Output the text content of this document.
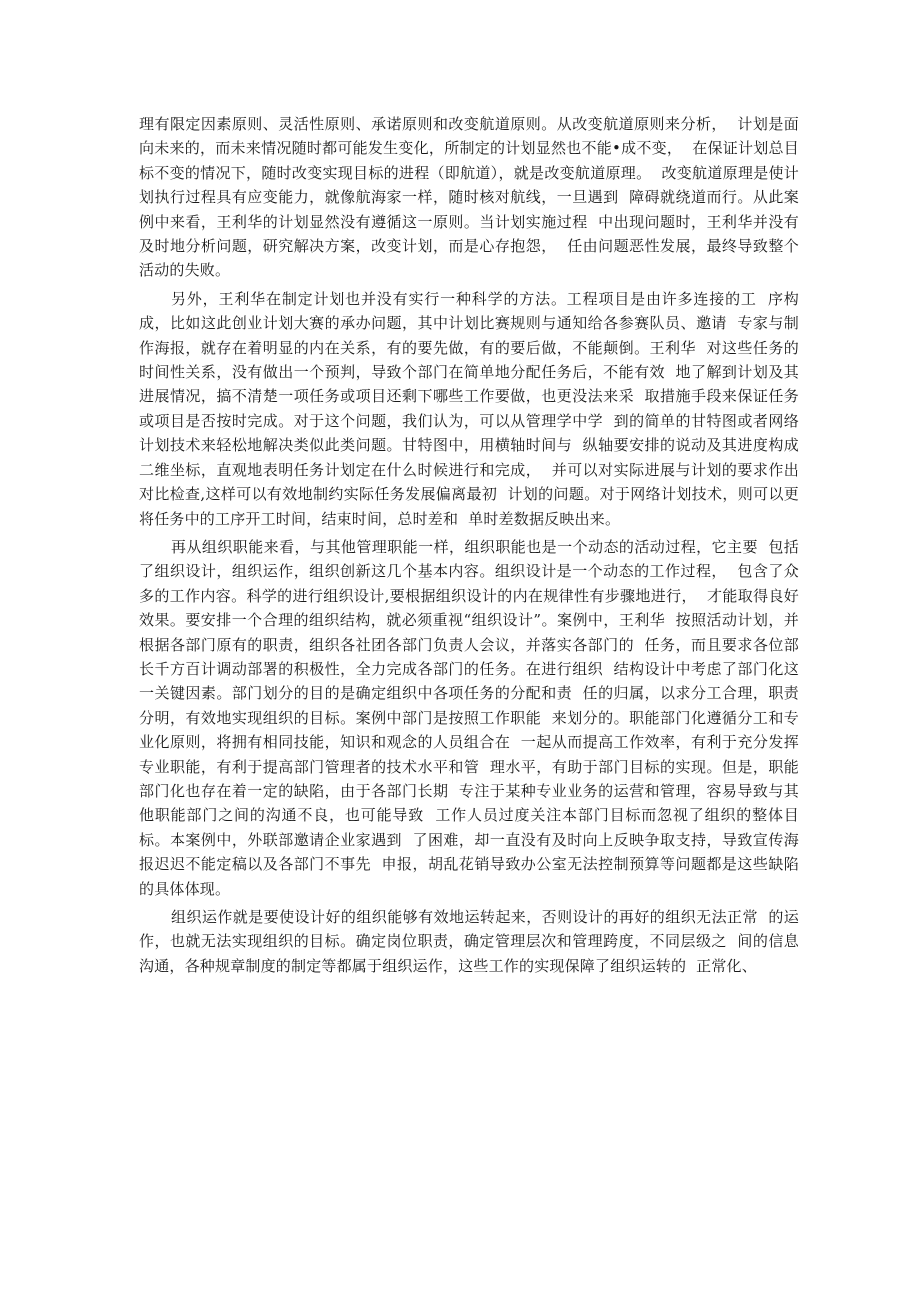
理有限定因素原则、灵活性原则、承诺原则和改变航道原则。从改变航道原则来分析，  计划是面向未来的，而未来情况随时都可能发生变化，所制定的计划显然也不能•成不变，  在保证计划总目标不变的情况下，随时改变实现目标的进程（即航道），就是改变航道原理。  改变航道原理是使计划执行过程具有应变能力，就像航海家一样，随时核对航线，一旦遇到  障碍就绕道而行。从此案例中来看，王利华的计划显然没有遵循这一原则。当计划实施过程  中出现问题时，王利华并没有及时地分析问题，研究解决方案，改变计划，而是心存抱怨，  任由问题恶性发展，最终导致整个活动的失败。

另外，王利华在制定计划也并没有实行一种科学的方法。工程项目是由许多连接的工  序构成，比如这此创业计划大赛的承办问题，其中计划比赛规则与通知给各参赛队员、邀请  专家与制作海报，就存在着明显的内在关系，有的要先做，有的要后做，不能颠倒。王利华  对这些任务的时间性关系，没有做出一个预判，导致个部门在简单地分配任务后，不能有效  地了解到计划及其进展情况，搞不清楚一项任务或项目还剩下哪些工作要做，也更没法来采  取措施手段来保证任务或项目是否按时完成。对于这个问题，我们认为，可以从管理学中学  到的简单的甘特图或者网络计划技术来轻松地解决类似此类问题。甘特图中，用横轴时间与  纵轴要安排的说动及其进度构成二维坐标，直观地表明任务计划定在什么时候进行和完成，  并可以对实际进展与计划的要求作出对比检查,这样可以有效地制约实际任务发展偏离最初  计划的问题。对于网络计划技术，则可以更将任务中的工序开工时间，结束时间，总时差和  单时差数据反映出来。

再从组织职能来看，与其他管理职能一样，组织职能也是一个动态的活动过程，它主要  包括了组织设计，组织运作，组织创新这几个基本内容。组织设计是一个动态的工作过程，  包含了众多的工作内容。科学的进行组织设计,要根据组织设计的内在规律性有步骤地进行，  才能取得良好效果。要安排一个合理的组织结构，就必须重视“组织设计”。案例中，王利华  按照活动计划，并根据各部门原有的职责，组织各社团各部门负责人会议，并落实各部门的  任务，而且要求各位部长千方百计调动部署的积极性，全力完成各部门的任务。在进行组织  结构设计中考虑了部门化这一关键因素。部门划分的目的是确定组织中各项任务的分配和责  任的归属，以求分工合理，职责分明，有效地实现组织的目标。案例中部门是按照工作职能  来划分的。职能部门化遵循分工和专业化原则，将拥有相同技能，知识和观念的人员组合在  一起从而提高工作效率，有利于充分发挥专业职能，有利于提高部门管理者的技术水平和管  理水平，有助于部门目标的实现。但是，职能部门化也存在着一定的缺陷，由于各部门长期  专注于某种专业业务的运营和管理，容易导致与其他职能部门之间的沟通不良，也可能导致  工作人员过度关注本部门目标而忽视了组织的整体目标。本案例中，外联部邀请企业家遇到  了困难，却一直没有及时向上反映争取支持，导致宣传海报迟迟不能定稿以及各部门不事先  申报，胡乱花销导致办公室无法控制预算等问题都是这些缺陷的具体体现。

组织运作就是要使设计好的组织能够有效地运转起来，否则设计的再好的组织无法正常  的运作，也就无法实现组织的目标。确定岗位职责，确定管理层次和管理跨度，不同层级之  间的信息沟通，各种规章制度的制定等都属于组织运作，这些工作的实现保障了组织运转的  正常化、
